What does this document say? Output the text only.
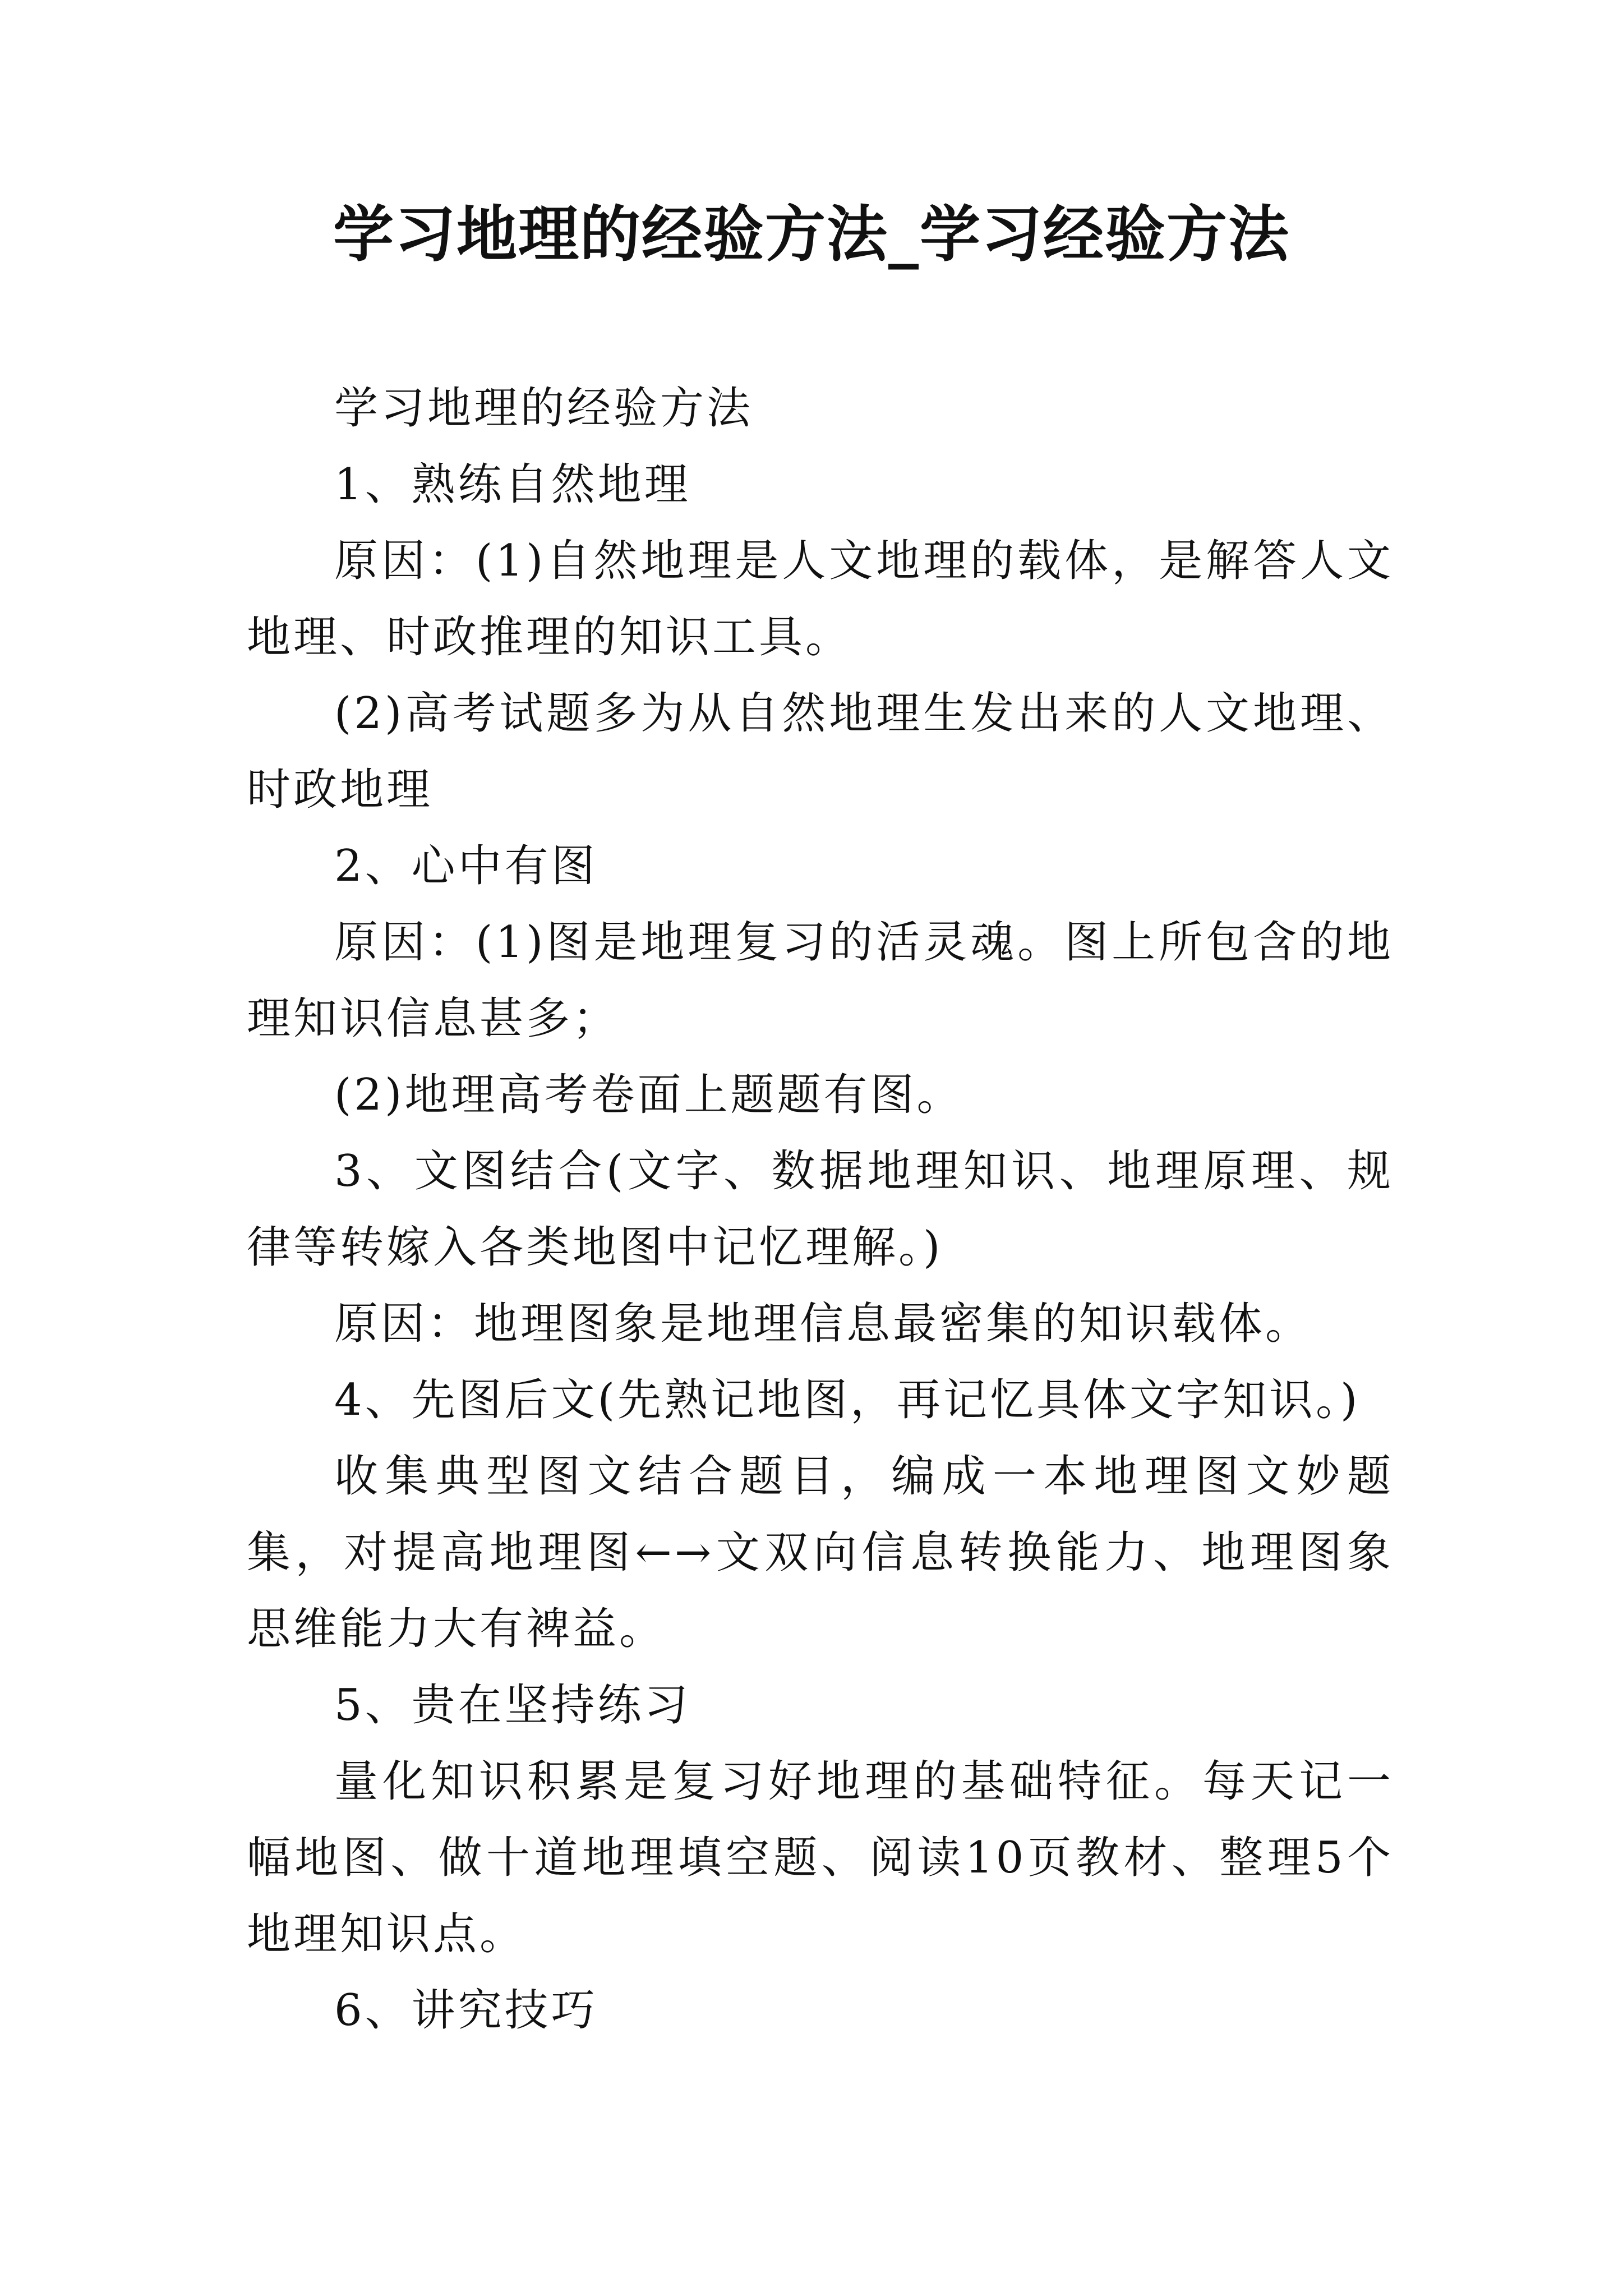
学习地理的经验方法_学习经验方法

学习地理的经验方法

1、熟练自然地理

原因：(1)自然地理是人文地理的载体，是解答人文地理、时政推理的知识工具。

(2)高考试题多为从自然地理生发出来的人文地理、时政地理

2、心中有图

原因：(1)图是地理复习的活灵魂。图上所包含的地理知识信息甚多；

(2)地理高考卷面上题题有图。

3、文图结合(文字、数据地理知识、地理原理、规律等转嫁入各类地图中记忆理解。)

原因：地理图象是地理信息最密集的知识载体。

4、先图后文(先熟记地图，再记忆具体文字知识。)

收集典型图文结合题目，编成一本地理图文妙题集，对提高地理图←→文双向信息转换能力、地理图象思维能力大有裨益。

5、贵在坚持练习

量化知识积累是复习好地理的基础特征。每天记一幅地图、做十道地理填空题、阅读10页教材、整理5个地理知识点。

6、讲究技巧
